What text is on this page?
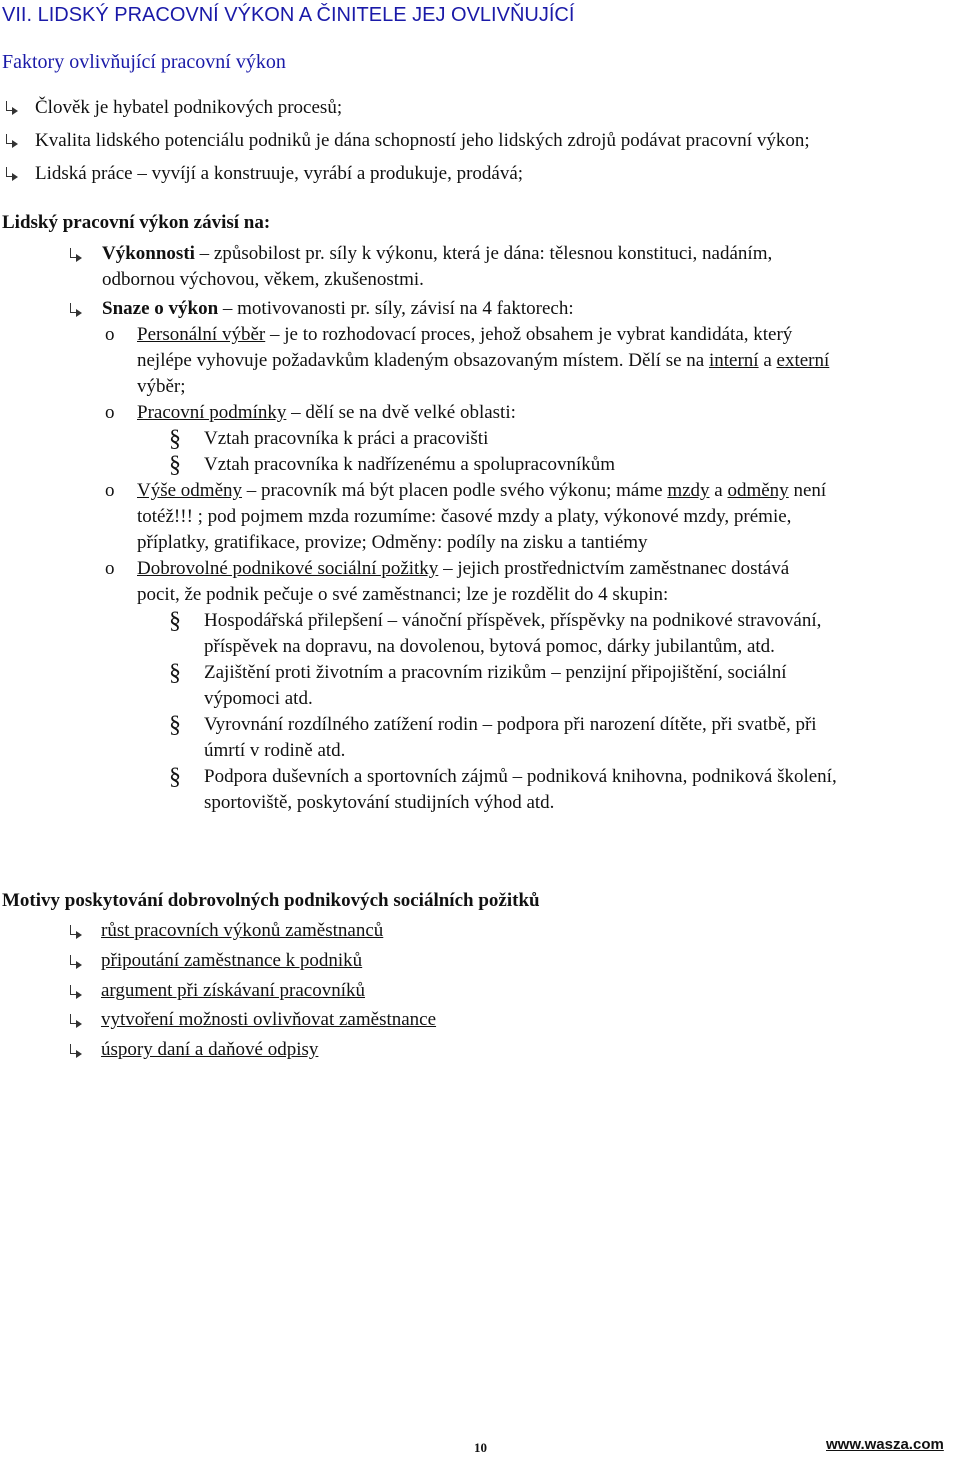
VII. LIDSKÝ PRACOVNÍ VÝKON A ČINITELE JEJ OVLIVŇUJÍCÍ
Faktory ovlivňující pracovní výkon
Člověk je hybatel podnikových procesů;
Kvalita lidského potenciálu podniků je dána schopností jeho lidských zdrojů podávat pracovní výkon;
Lidská práce – vyvíjí a konstruuje, vyrábí a produkuje, prodává;
Lidský pracovní výkon závisí na:
Výkonnosti – způsobilost pr. síly k výkonu, která je dána: tělesnou konstituci, nadáním,
odbornou výchovou, věkem, zkušenostmi.
Snaze o výkon – motivovanosti pr. síly, závisí na 4 faktorech:
o Personální výběr – je to rozhodovací proces, jehož obsahem je vybrat kandidáta, který
nejlépe vyhovuje požadavkům kladeným obsazovaným místem. Dělí se na interní a externí
výběr;
o Pracovní podmínky – dělí se na dvě velké oblasti:
§ Vztah pracovníka k práci a pracovišti
§ Vztah pracovníka k nadřízenému a spolupracovníkům
o Výše odměny – pracovník má být placen podle svého výkonu; máme mzdy a odměny není
totéž!!! ; pod pojmem mzda rozumíme: časové mzdy a platy, výkonové mzdy, prémie,
příplatky, gratifikace, provize; Odměny: podíly na zisku a tantiémy
o Dobrovolné podnikové sociální požitky – jejich prostřednictvím zaměstnanec dostává
pocit, že podnik pečuje o své zaměstnanci; lze je rozdělit do 4 skupin:
§ Hospodářská přilepšení – vánoční příspěvek, příspěvky na podnikové stravování,
příspěvek na dopravu, na dovolenou, bytová pomoc, dárky jubilantům, atd.
§ Zajištění proti životním a pracovním rizikům – penzijní připojištění, sociální
výpomoci atd.
§ Vyrovnání rozdílného zatížení rodin – podpora při narození dítěte, při svatbě, při
úmrtí v rodině atd.
§ Podpora duševních a sportovních zájmů – podniková knihovna, podniková školení,
sportoviště, poskytování studijních výhod atd.
Motivy poskytování dobrovolných podnikových sociálních požitků
růst pracovních výkonů zaměstnanců
připoutání zaměstnance k podniků
argument při získávaní pracovníků
vytvoření možnosti ovlivňovat zaměstnance
úspory daní a daňové odpisy
10	www.wasza.com
